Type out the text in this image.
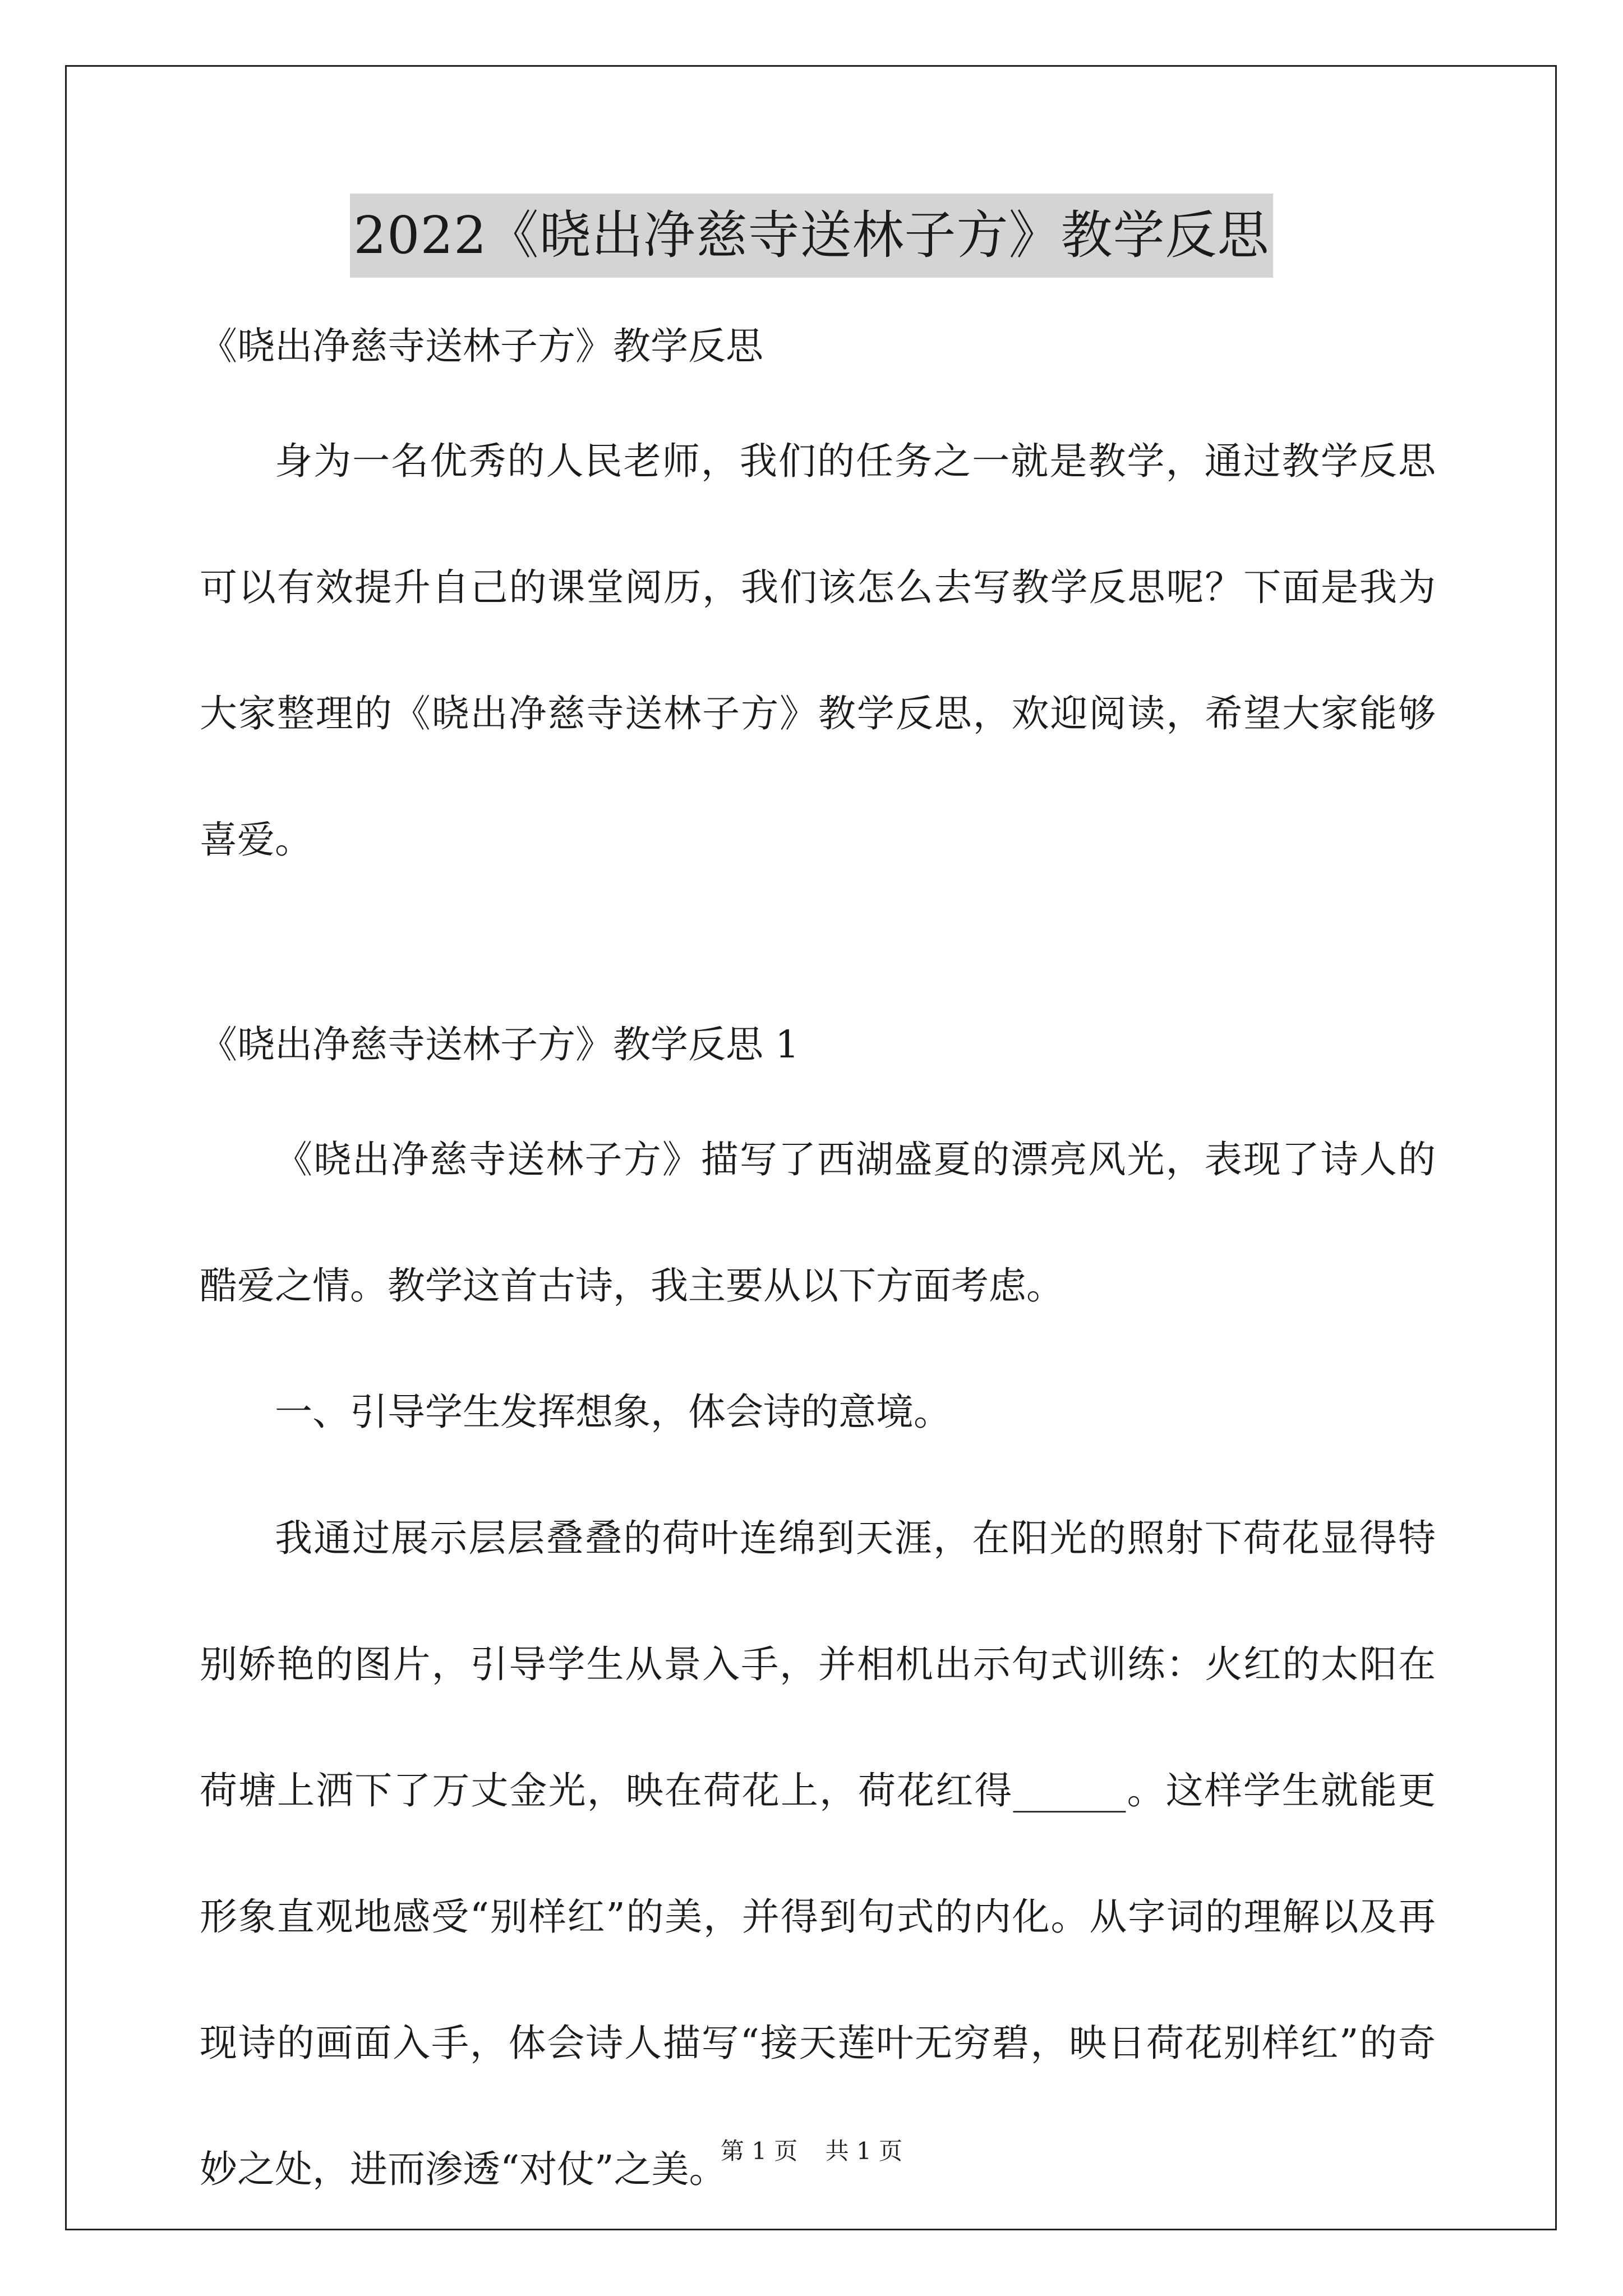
2022《晓出净慈寺送林子方》教学反思

《晓出净慈寺送林子方》教学反思

身为一名优秀的人民老师，我们的任务之一就是教学，通过教学反思可以有效提升自己的课堂阅历，我们该怎么去写教学反思呢？下面是我为大家整理的《晓出净慈寺送林子方》教学反思，欢迎阅读，希望大家能够喜爱。

《晓出净慈寺送林子方》教学反思 1

《晓出净慈寺送林子方》描写了西湖盛夏的漂亮风光，表现了诗人的酷爱之情。教学这首古诗，我主要从以下方面考虑。

一、引导学生发挥想象，体会诗的意境。

我通过展示层层叠叠的荷叶连绵到天涯，在阳光的照射下荷花显得特别娇艳的图片，引导学生从景入手，并相机出示句式训练：火红的太阳在荷塘上洒下了万丈金光，映在荷花上，荷花红得______。这样学生就能更形象直观地感受“别样红”的美，并得到句式的内化。从字词的理解以及再现诗的画面入手，体会诗人描写“接天莲叶无穷碧，映日荷花别样红”的奇妙之处，进而渗透“对仗”之美。

第 1 页 共 1 页
